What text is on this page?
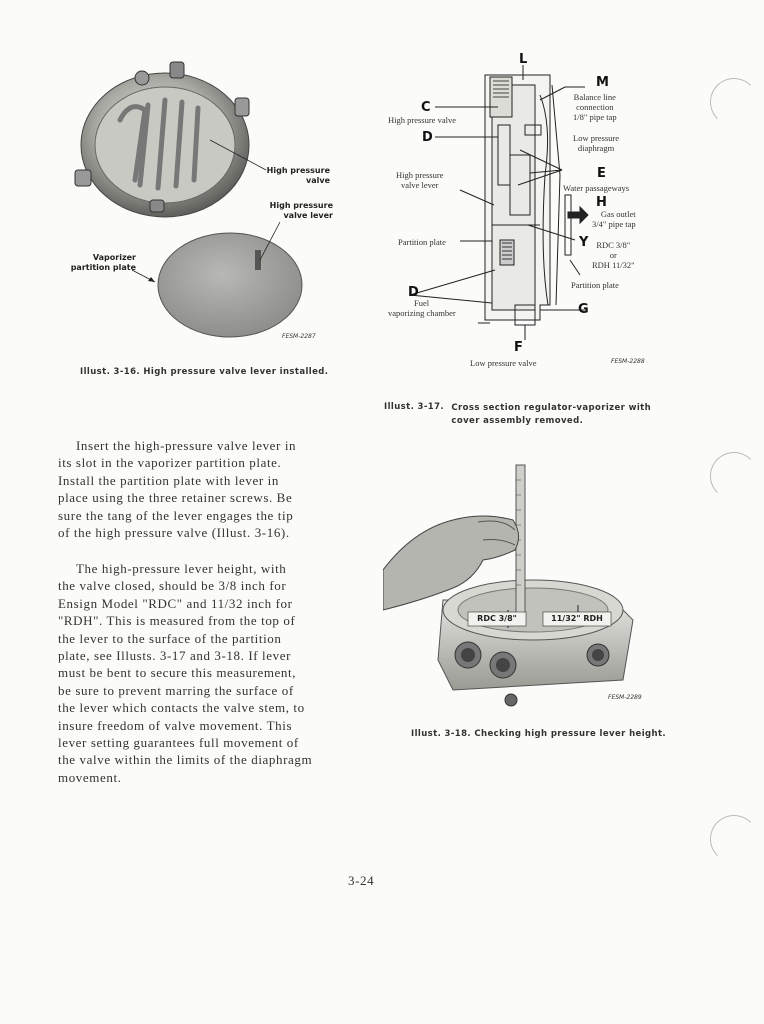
High pressure
valve
High pressure
valve lever
Vaporizer
partition plate
FESM-2287
Illust. 3-16. High pressure valve lever installed.
L
M
C
D
E
H
Y
D
G
F
High pressure valve
Balance line
connection
1/8" pipe tap
Low pressure
diaphragm
High pressure
valve lever	Water passageways
Gas outlet
3/4" pipe tap
Partition plate	RDC 3/8"
or
RDH 11/32"
Partition plate
Fuel
vaporizing chamber
Low pressure valve	FESM-2288
Illust. 3-17. Cross section regulator-vaporizer with cover assembly removed.
RDC 3/8"	11/32" RDH
FESM-2289
Illust. 3-18. Checking high pressure lever height.

Insert the high-pressure valve lever in

its slot in the vaporizer partition plate.

Install the partition plate with lever in

place using the three retainer screws. Be

sure the tang of the lever engages the tip

of the high pressure valve (Illust. 3-16).

The high-pressure lever height, with

the valve closed, should be 3/8 inch for

Ensign Model "RDC" and 11/32 inch for

"RDH". This is measured from the top of

the lever to the surface of the partition

plate, see Illusts. 3-17 and 3-18. If lever

must be bent to secure this measurement,

be sure to prevent marring the surface of

the lever which contacts the valve stem, to

insure freedom of valve movement. This

lever setting guarantees full movement of

the valve within the limits of the diaphragm

movement.

3-24
